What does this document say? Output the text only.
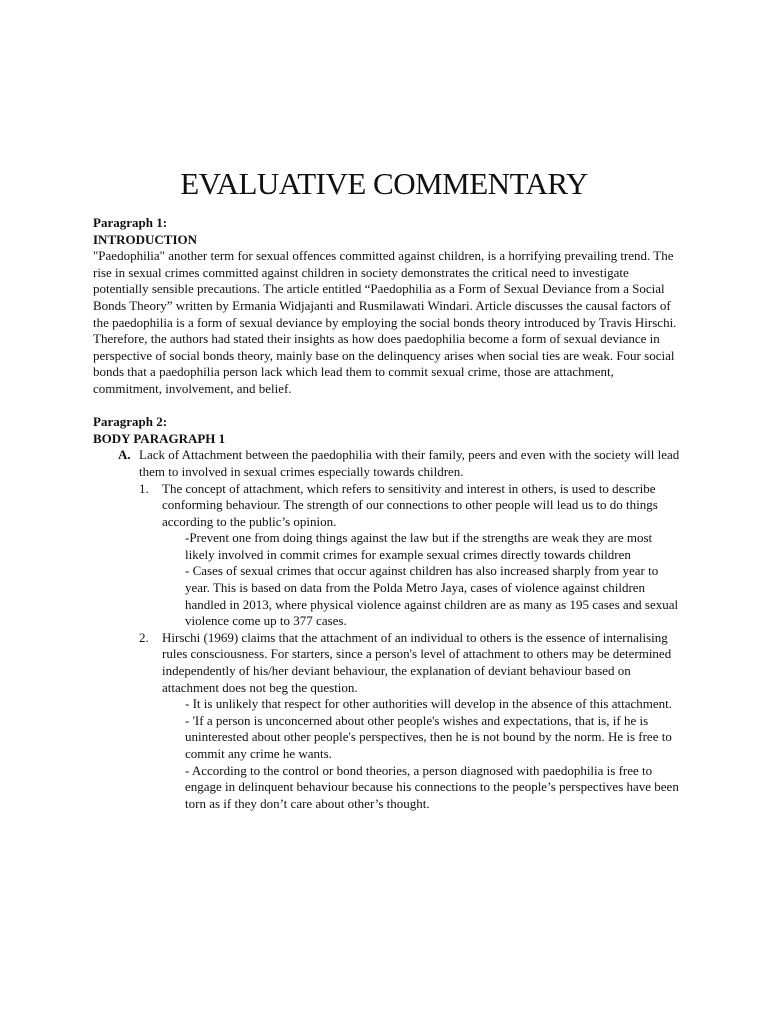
EVALUATIVE COMMENTARY

Paragraph 1:

INTRODUCTION

"Paedophilia" another term for sexual offences committed against children, is a horrifying prevailing trend. The rise in sexual crimes committed against children in society demonstrates the critical need to investigate potentially sensible precautions. The article entitled “Paedophilia as a Form of Sexual Deviance from a Social Bonds Theory” written by Ermania Widjajanti and Rusmilawati Windari. Article discusses the causal factors of the paedophilia is a form of sexual deviance by employing the social bonds theory introduced by Travis Hirschi. Therefore, the authors had stated their insights as how does paedophilia become a form of sexual deviance in perspective of social bonds theory, mainly base on the delinquency arises when social ties are weak. Four social bonds that a paedophilia person lack which lead them to commit sexual crime, those are attachment, commitment, involvement, and belief.

Paragraph 2:

BODY PARAGRAPH 1

A. Lack of Attachment between the paedophilia with their family, peers and even with the society will lead them to involved in sexual crimes especially towards children.
1.	The concept of attachment, which refers to sensitivity and interest in others, is used to describe conforming behaviour. The strength of our connections to other people will lead us to do things according to the public’s opinion.

-Prevent one from doing things against the law but if the strengths are weak they are most likely involved in commit crimes for example sexual crimes directly towards children

- Cases of sexual crimes that occur against children has also increased sharply from year to year. This is based on data from the Polda Metro Jaya, cases of violence against children handled in 2013, where physical violence against children are as many as 195 cases and sexual violence come up to 377 cases.

2.	Hirschi (1969) claims that the attachment of an individual to others is the essence of internalising rules consciousness. For starters, since a person's level of attachment to others may be determined independently of his/her deviant behaviour, the explanation of deviant behaviour based on attachment does not beg the question.

- It is unlikely that respect for other authorities will develop in the absence of this attachment.

- 'If a person is unconcerned about other people's wishes and expectations, that is, if he is uninterested about other people's perspectives, then he is not bound by the norm. He is free to commit any crime he wants.

- According to the control or bond theories, a person diagnosed with paedophilia is free to engage in delinquent behaviour because his connections to the people’s perspectives have been torn as if they don’t care about other’s thought.
